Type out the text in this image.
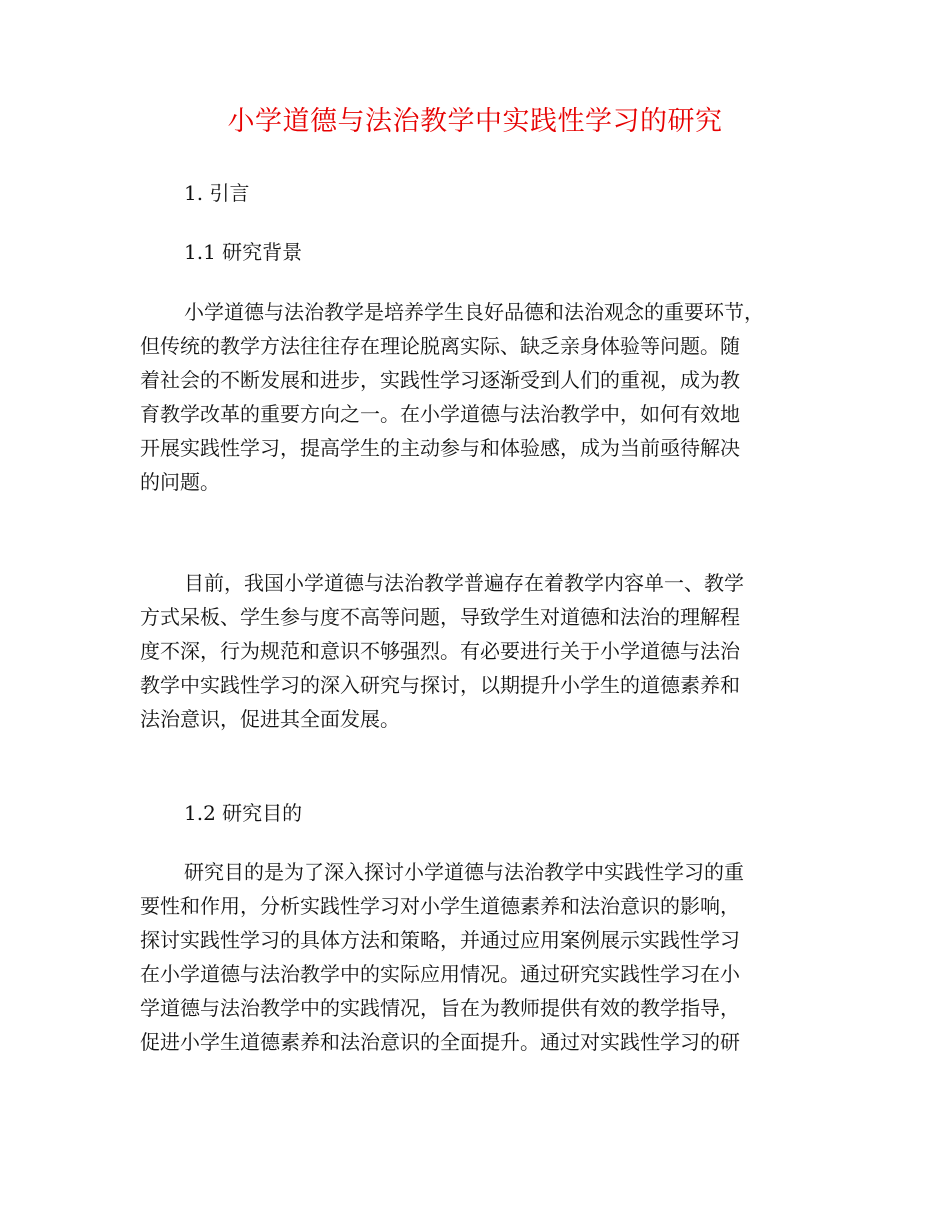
小学道德与法治教学中实践性学习的研究
1. 引言
1.1 研究背景
小学道德与法治教学是培养学生良好品德和法治观念的重要环节，
但传统的教学方法往往存在理论脱离实际、缺乏亲身体验等问题。随
着社会的不断发展和进步，实践性学习逐渐受到人们的重视，成为教
育教学改革的重要方向之一。在小学道德与法治教学中，如何有效地
开展实践性学习，提高学生的主动参与和体验感，成为当前亟待解决
的问题。
目前，我国小学道德与法治教学普遍存在着教学内容单一、教学
方式呆板、学生参与度不高等问题，导致学生对道德和法治的理解程
度不深，行为规范和意识不够强烈。有必要进行关于小学道德与法治
教学中实践性学习的深入研究与探讨，以期提升小学生的道德素养和
法治意识，促进其全面发展。
1.2 研究目的
研究目的是为了深入探讨小学道德与法治教学中实践性学习的重
要性和作用，分析实践性学习对小学生道德素养和法治意识的影响，
探讨实践性学习的具体方法和策略，并通过应用案例展示实践性学习
在小学道德与法治教学中的实际应用情况。通过研究实践性学习在小
学道德与法治教学中的实践情况，旨在为教师提供有效的教学指导，
促进小学生道德素养和法治意识的全面提升。通过对实践性学习的研
